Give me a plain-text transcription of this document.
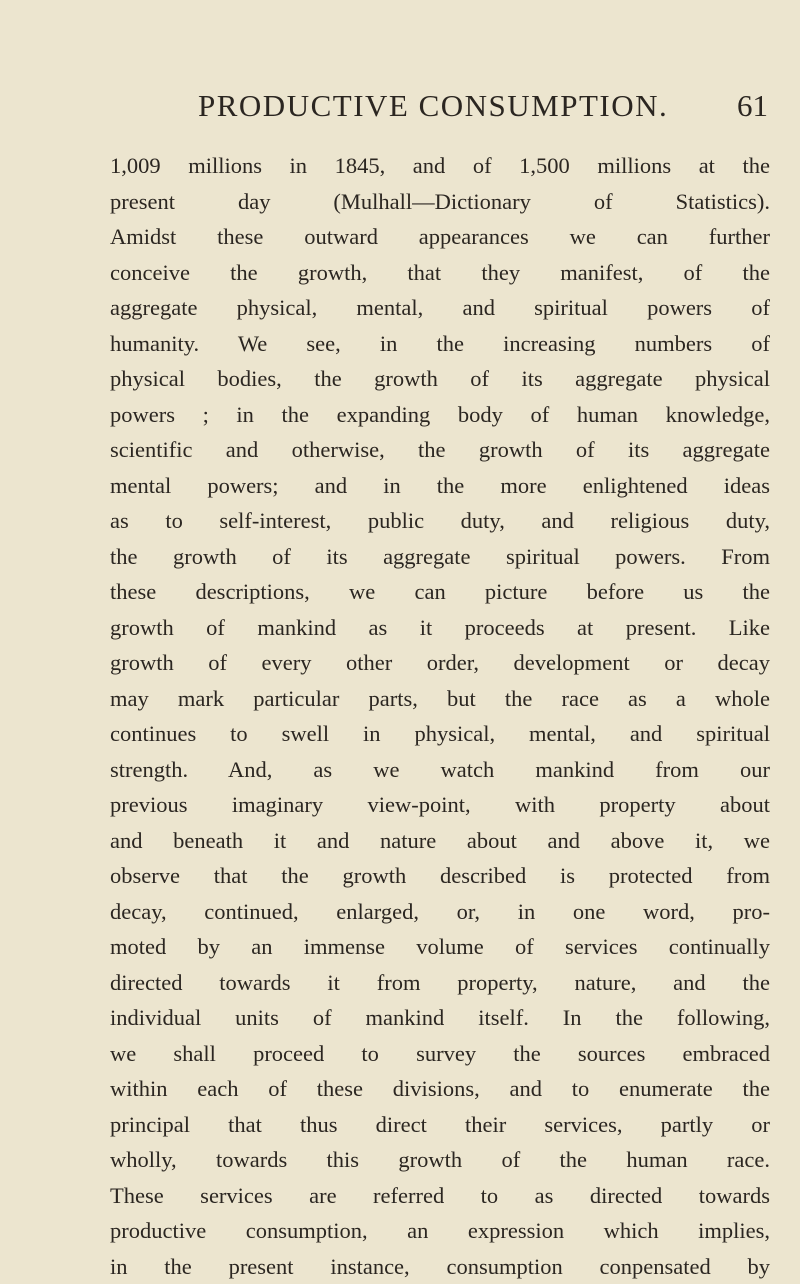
PRODUCTIVE CONSUMPTION. 61
1,009 millions in 1845, and of 1,500 millions at the
present day (Mulhall—Dictionary of Statistics).
Amidst these outward appearances we can further
conceive the growth, that they manifest, of the
aggregate physical, mental, and spiritual powers of
humanity. We see, in the increasing numbers of
physical bodies, the growth of its aggregate physical
powers ; in the expanding body of human knowledge,
scientific and otherwise, the growth of its aggregate
mental powers; and in the more enlightened ideas
as to self-interest, public duty, and religious duty,
the growth of its aggregate spiritual powers. From
these descriptions, we can picture before us the
growth of mankind as it proceeds at present. Like
growth of every other order, development or decay
may mark particular parts, but the race as a whole
continues to swell in physical, mental, and spiritual
strength. And, as we watch mankind from our
previous imaginary view-point, with property about
and beneath it and nature about and above it, we
observe that the growth described is protected from
decay, continued, enlarged, or, in one word, pro-
moted by an immense volume of services continually
directed towards it from property, nature, and the
individual units of mankind itself. In the following,
we shall proceed to survey the sources embraced
within each of these divisions, and to enumerate the
principal that thus direct their services, partly or
wholly, towards this growth of the human race.
These services are referred to as directed towards
productive consumption, an expression which implies,
in the present instance, consumption conpensated by
